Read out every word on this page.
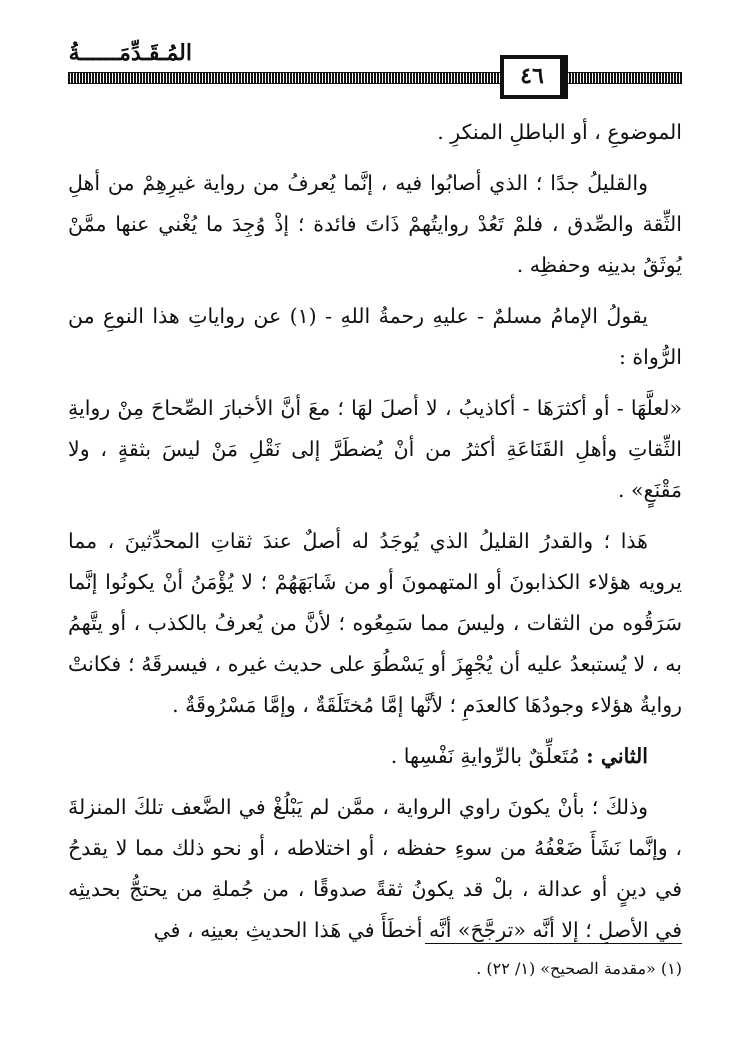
المُـقَـدِّمَــــــةُ
٤٦

الموضوعِ ، أو الباطلِ المنكرِ .

والقليلُ جدًا ؛ الذي أصابُوا فيه ، إنَّما يُعرفُ من رواية غيرِهِمْ من أهلِ الثِّقة والصِّدق ، فلمْ تَعُدْ روايتُهمْ ذَاتَ فائدة ؛ إذْ وُجِدَ ما يُغْني عنها ممَّنْ يُوثَقُ بدينِه وحفظِه .

يقولُ الإمامُ مسلمٌ - عليهِ رحمةُ اللهِ - (١) عن رواياتِ هذا النوعِ من الرُّواة :

«لعلَّهَا - أو أكثرَهَا - أكاذيبُ ، لا أصلَ لهَا ؛ معَ أنَّ الأخبارَ الصِّحاحَ مِنْ روايةِ الثِّقاتِ وأهلِ القَنَاعَةِ أكثرُ من أنْ يُضطَرَّ إلى نَقْلِ مَنْ ليسَ بثقةٍ ، ولا مَقْنَعٍ» .

هَذا ؛ والقدرُ القليلُ الذي يُوجَدُ له أصلٌ عندَ ثقاتِ المحدِّثينَ ، مما يرويه هؤلاء الكذابونَ أو المتهمونَ أو من شَابَهَهُمْ ؛ لا يُؤْمَنُ أنْ يكونُوا إنَّما سَرَقُوه من الثقات ، وليسَ مما سَمِعُوه ؛ لأنَّ من يُعرفُ بالكذب ، أو يتَّهمُ به ، لا يُستبعدُ عليه أن يُجْهِزَ أو يَسْطُوَ على حديث غيره ، فيسرقَهُ ؛ فكانتْ روايةُ هؤلاء وجودُهَا كالعدَمِ ؛ لأنَّها إمَّا مُختَلَقَةٌ ، وإمَّا مَسْرُوقَةٌ .

الثاني : مُتَعلِّقٌ بالرِّوايةِ نَفْسِها .

وذلكَ ؛ بأنْ يكونَ راوي الرواية ، ممَّن لم يَبْلُغْ في الضَّعف تلكَ المنزلةَ ، وإنَّما نَشَأَ ضَعْفُهُ من سوءِ حفظه ، أو اختلاطه ، أو نحو ذلك مما لا يقدحُ في دينٍ أو عدالة ، بلْ قد يكونُ ثقةً صدوقًا ، من جُملةِ من يحتجُّ بحديثِه في الأصلِ ؛ إلا أنَّه «ترجَّحَ» أنَّه أخطَأَ في هَذا الحديثِ بعينِه ، في

(١) «مقدمة الصحيح» (١/ ٢٢) .
